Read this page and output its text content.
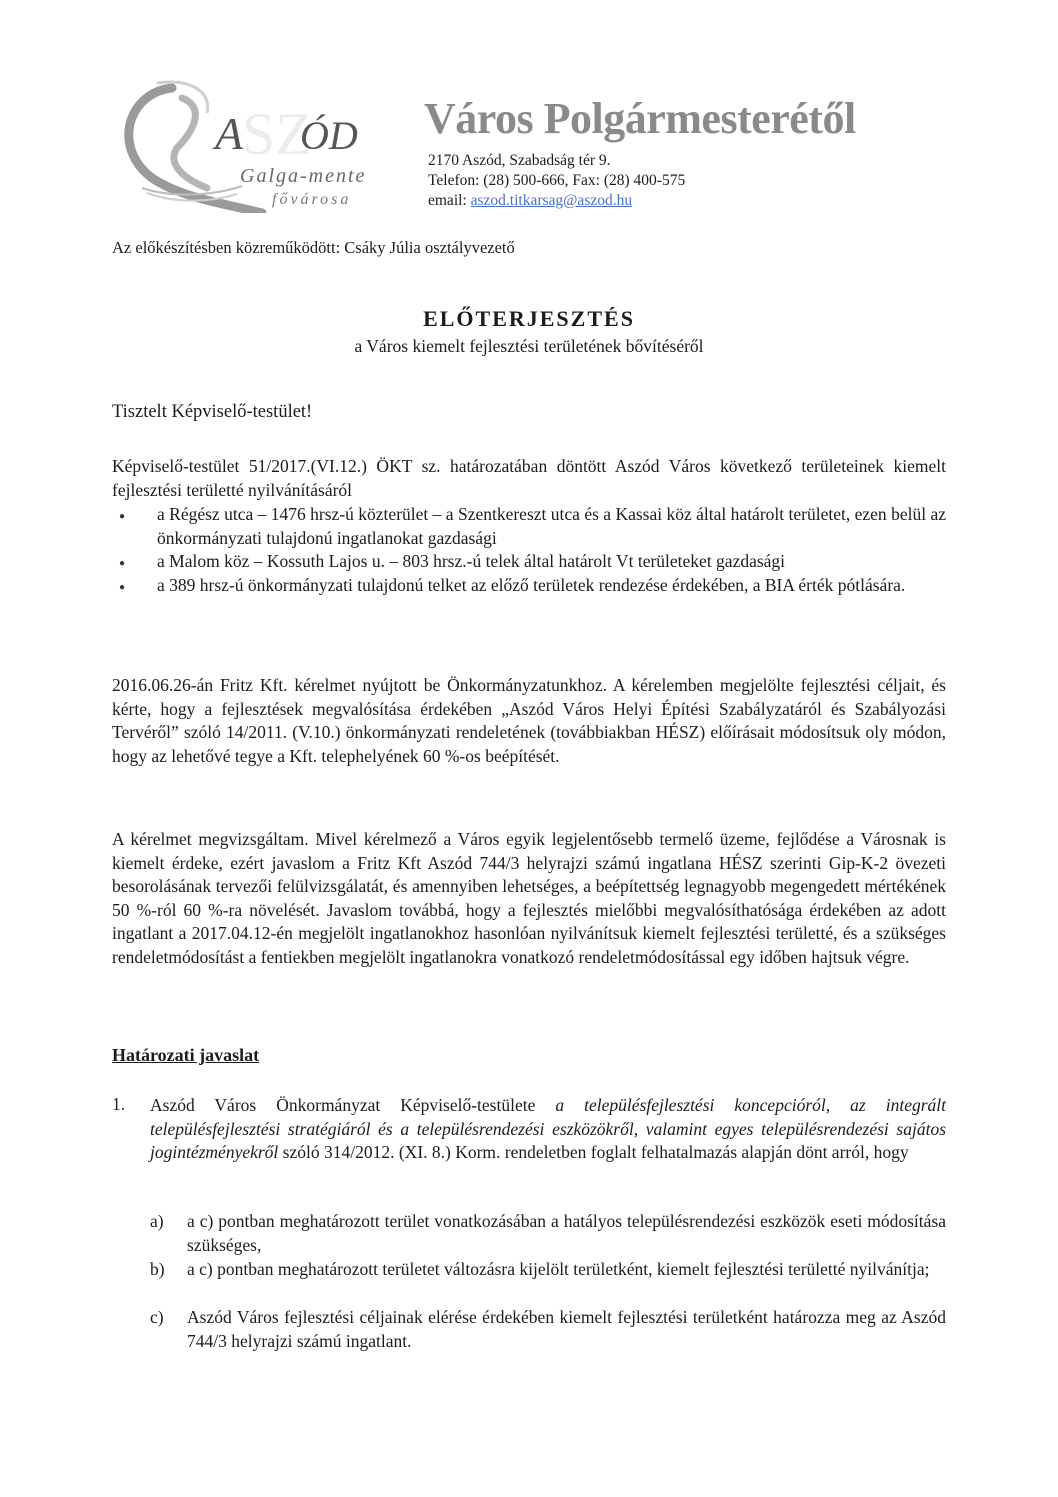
SZ
A ÓD
Galga-mente
fővárosa
Város Polgármesterétől
2170 Aszód, Szabadság tér 9.
Telefon: (28) 500-666, Fax: (28) 400-575
email: aszod.titkarsag@aszod.hu
Az előkészítésben közreműködött: Csáky Júlia osztályvezető
ELŐTERJESZTÉS
a Város kiemelt fejlesztési területének bővítéséről
Tisztelt Képviselő-testület!
Képviselő-testület 51/2017.(VI.12.) ÖKT sz. határozatában döntött Aszód Város következő területeinek kiemelt fejlesztési területté nyilvánításáról
● a Régész utca – 1476 hrsz-ú közterület – a Szentkereszt utca és a Kassai köz által határolt területet, ezen belül az önkormányzati tulajdonú ingatlanokat gazdasági
● a Malom köz – Kossuth Lajos u. – 803 hrsz.-ú telek által határolt Vt területeket gazdasági
● a 389 hrsz-ú önkormányzati tulajdonú telket az előző területek rendezése érdekében, a BIA érték pótlására.
2016.06.26-án Fritz Kft. kérelmet nyújtott be Önkormányzatunkhoz. A kérelemben megjelölte fejlesztési céljait, és kérte, hogy a fejlesztések megvalósítása érdekében „Aszód Város Helyi Építési Szabályzatáról és Szabályozási Tervéről” szóló 14/2011. (V.10.) önkormányzati rendeletének (továbbiakban HÉSZ) előírásait módosítsuk oly módon, hogy az lehetővé tegye a Kft. telephelyének 60 %-os beépítését.
A kérelmet megvizsgáltam. Mivel kérelmező a Város egyik legjelentősebb termelő üzeme, fejlődése a Városnak is kiemelt érdeke, ezért javaslom a Fritz Kft Aszód 744/3 helyrajzi számú ingatlana HÉSZ szerinti Gip-K-2 övezeti besorolásának tervezői felülvizsgálatát, és amennyiben lehetséges, a beépítettség legnagyobb megengedett mértékének 50 %-ról 60 %-ra növelését. Javaslom továbbá, hogy a fejlesztés mielőbbi megvalósíthatósága érdekében az adott ingatlant a 2017.04.12-én megjelölt ingatlanokhoz hasonlóan nyilvánítsuk kiemelt fejlesztési területté, és a szükséges rendeletmódosítást a fentiekben megjelölt ingatlanokra vonatkozó rendeletmódosítással egy időben hajtsuk végre.
Határozati javaslat
1. Aszód Város Önkormányzat Képviselő-testülete a településfejlesztési koncepcióról, az integrált településfejlesztési stratégiáról és a településrendezési eszközökről, valamint egyes településrendezési sajátos jogintézményekről szóló 314/2012. (XI. 8.) Korm. rendeletben foglalt felhatalmazás alapján dönt arról, hogy
a) a c) pontban meghatározott terület vonatkozásában a hatályos településrendezési eszközök eseti módosítása szükséges,
b) a c) pontban meghatározott területet változásra kijelölt területként, kiemelt fejlesztési területté nyilvánítja;
c) Aszód Város fejlesztési céljainak elérése érdekében kiemelt fejlesztési területként határozza meg az Aszód 744/3 helyrajzi számú ingatlant.
